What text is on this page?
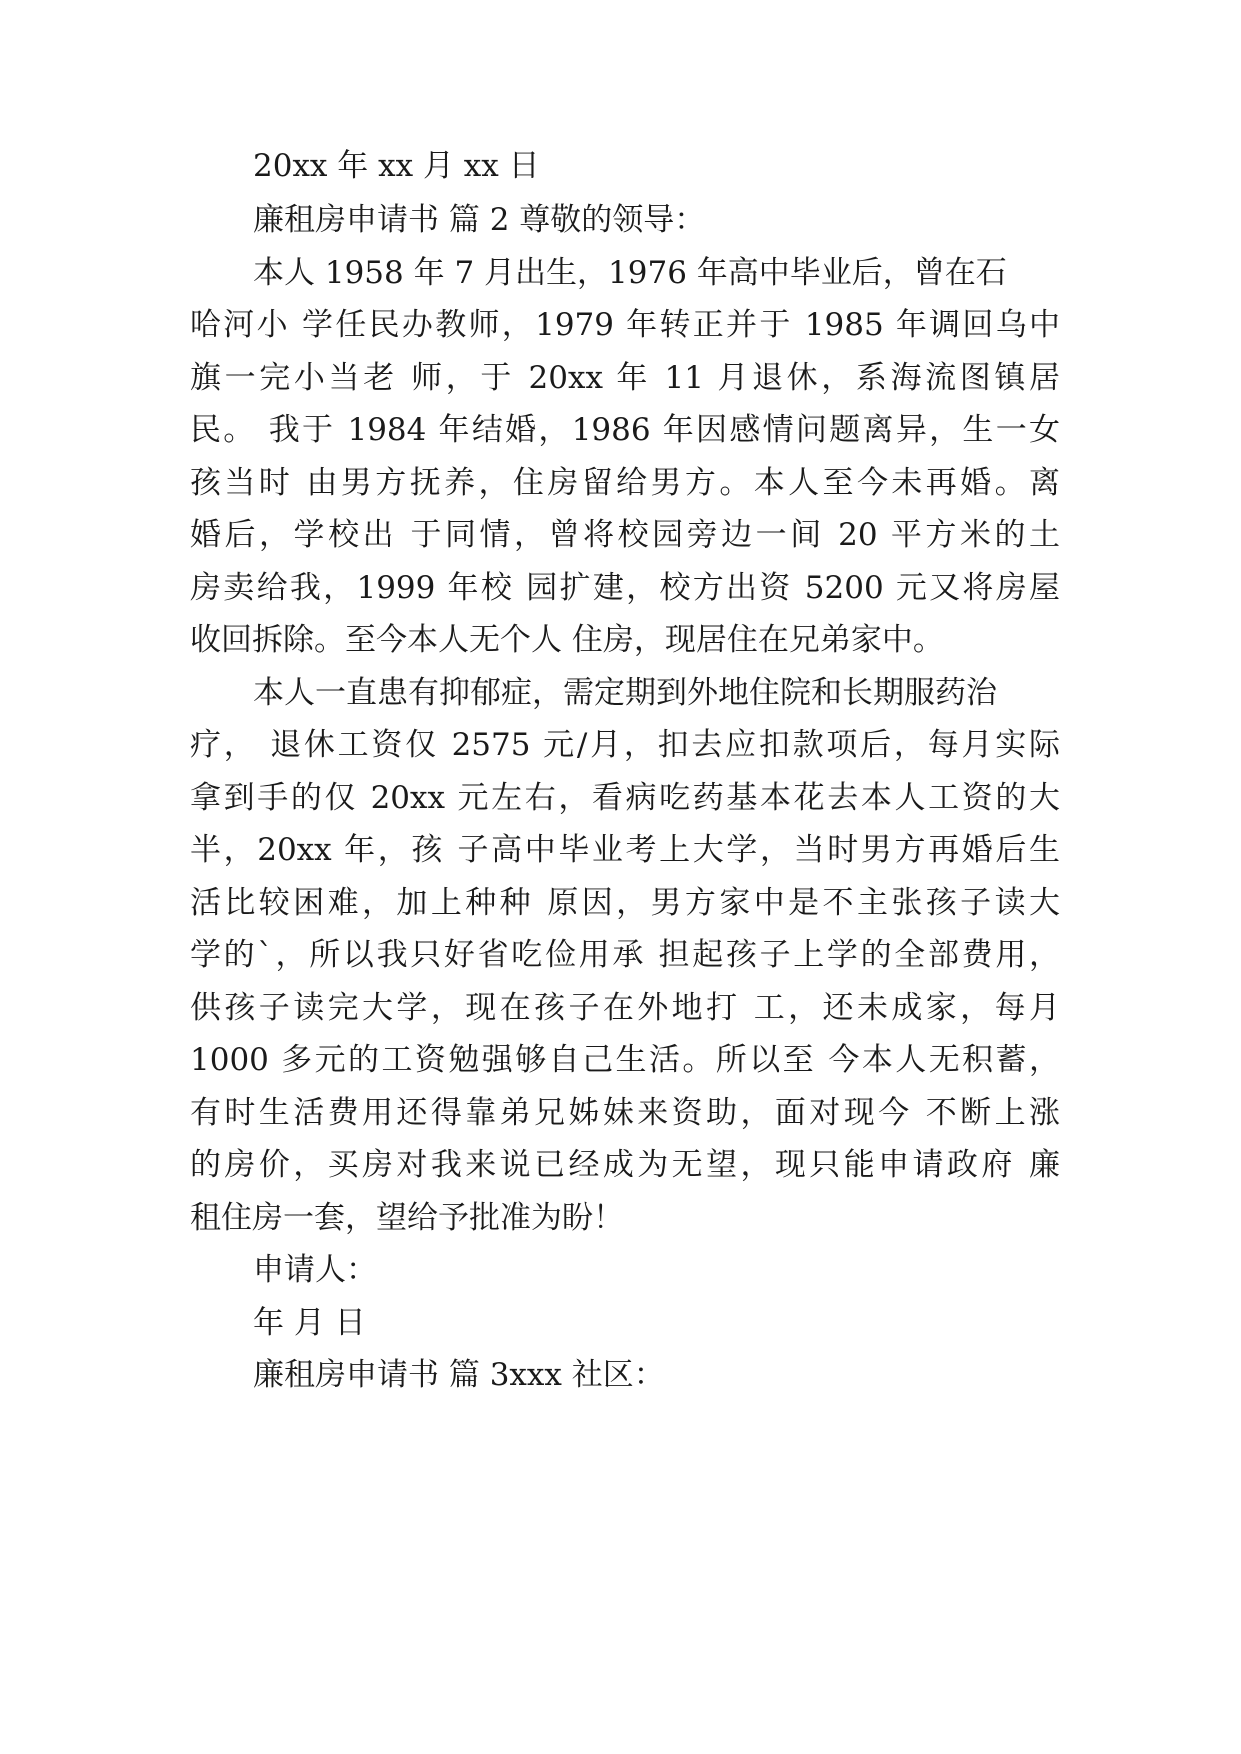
20xx 年 xx 月 xx 日
廉租房申请书 篇 2 尊敬的领导：
本人 1958 年 7 月出生，1976 年高中毕业后，曾在石
哈河小 学任民办教师，1979 年转正并于 1985 年调回乌中
旗一完小当老 师，于 20xx 年 11 月退休，系海流图镇居
民。 我于 1984 年结婚，1986 年因感情问题离异，生一女
孩当时 由男方抚养，住房留给男方。本人至今未再婚。离
婚后，学校出 于同情，曾将校园旁边一间 20 平方米的土
房卖给我，1999 年校 园扩建，校方出资 5200 元又将房屋
收回拆除。至今本人无个人 住房，现居住在兄弟家中。
本人一直患有抑郁症，需定期到外地住院和长期服药治
疗， 退休工资仅 2575 元/月，扣去应扣款项后，每月实际
拿到手的仅 20xx 元左右，看病吃药基本花去本人工资的大
半，20xx 年，孩 子高中毕业考上大学，当时男方再婚后生
活比较困难，加上种种 原因，男方家中是不主张孩子读大
学的`，所以我只好省吃俭用承 担起孩子上学的全部费用，
供孩子读完大学，现在孩子在外地打 工，还未成家，每月
1000 多元的工资勉强够自己生活。所以至 今本人无积蓄，
有时生活费用还得靠弟兄姊妹来资助，面对现今 不断上涨
的房价，买房对我来说已经成为无望，现只能申请政府 廉
租住房一套，望给予批准为盼！
申请人：
年 月 日
廉租房申请书 篇 3xxx 社区：
